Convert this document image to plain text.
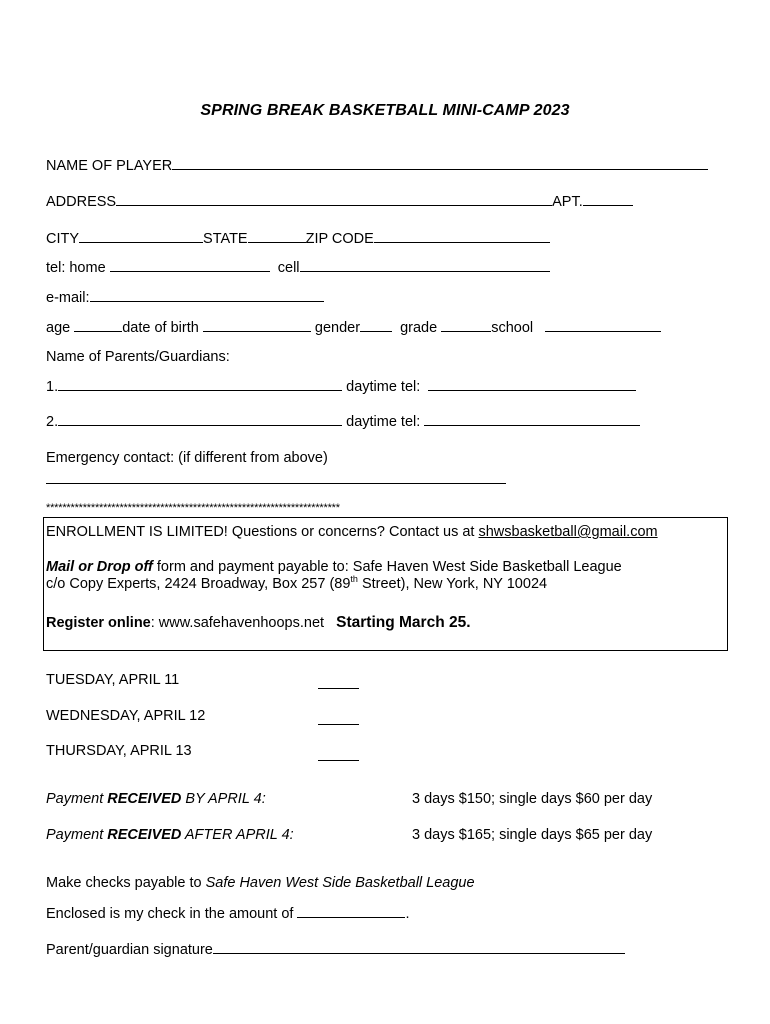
SPRING BREAK BASKETBALL MINI-CAMP 2023
NAME OF PLAYER
ADDRESS	APT.
CITY	STATE	ZIP CODE
tel: home	cell
e-mail:
age	date of birth	gender	grade	school
Name of Parents/Guardians:
1.	daytime tel:
2.	daytime tel:
Emergency contact: (if different from above)
************************************************************************
ENROLLMENT IS LIMITED! Questions or concerns? Contact us at shwsbasketball@gmail.com
Mail or Drop off form and payment payable to: Safe Haven West Side Basketball League
c/o Copy Experts, 2424 Broadway, Box 257 (89th Street), New York, NY 10024
Register online: www.safehavenhoops.net Starting March 25.
TUESDAY, APRIL 11
WEDNESDAY, APRIL 12
THURSDAY, APRIL 13
Payment RECEIVED BY APRIL 4:	3 days $150; single days $60 per day
Payment RECEIVED AFTER APRIL 4:	3 days $165; single days $65 per day
Make checks payable to Safe Haven West Side Basketball League
Enclosed is my check in the amount of	.
Parent/guardian signature
